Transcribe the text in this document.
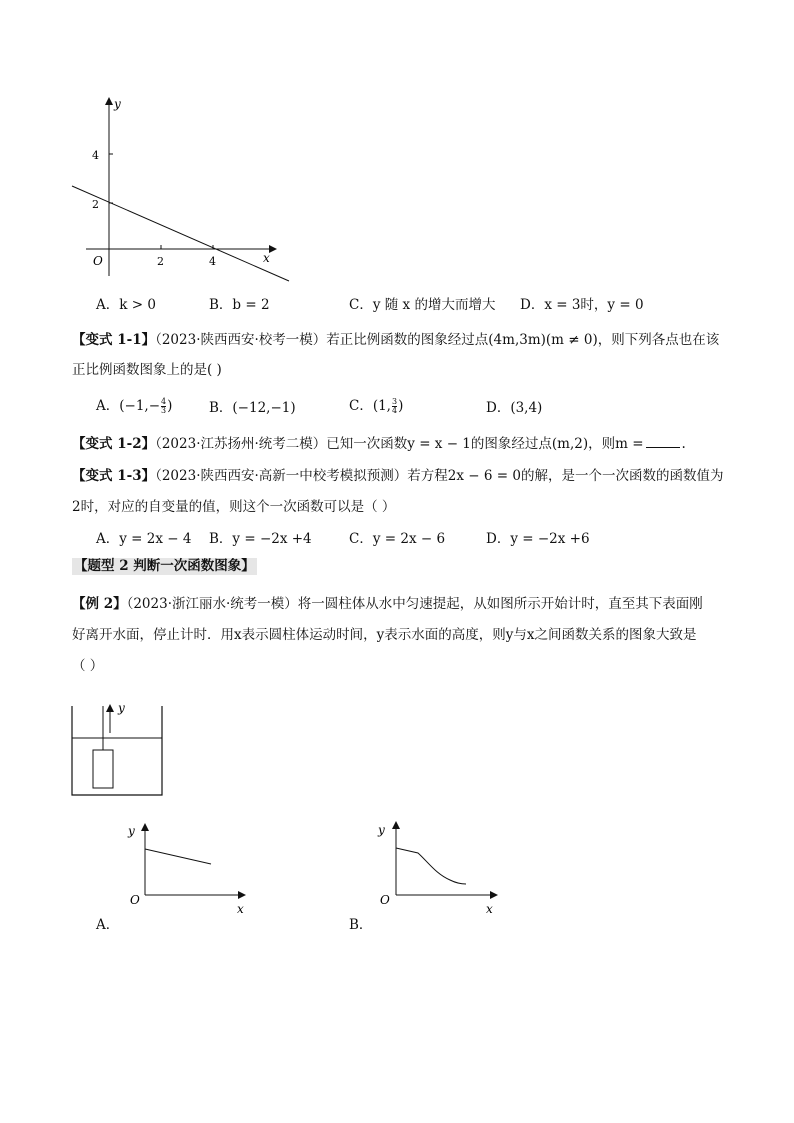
y
x
O
4
2
2	4
A．k > 0	B．b = 2	C．y 随 x 的增大而增大 D．x = 3时，y = 0
【变式 1-1】（2023·陕西西安·校考一模）若正比例函数的图象经过点(4m,3m)(m ≠ 0)，则下列各点也在该
正比例函数图象上的是( )
A．($-1,- \frac{4}{3}$ )	B．(−12,−1)	C．(1, $\frac{3}{4}$ )	D．(3,4)
【变式 1-2】（2023·江苏扬州·统考二模）已知一次函数y = x − 1的图象经过点(m,2)，则m =	.
【变式 1-3】（2023·陕西西安·高新一中校考模拟预测）若方程2x − 6 = 0的解，是一个一次函数的函数值为
2时，对应的自变量的值，则这个一次函数可以是（ ）
A．y = 2x − 4 B．y = −2x +4	C．y = 2x − 6	D．y = −2x +6
【题型 2 判断一次函数图象】
【例 2】（2023·浙江丽水·统考一模）将一圆柱体从水中匀速提起，从如图所示开始计时，直至其下表面刚
好离开水面，停止计时．用x表示圆柱体运动时间，y表示水面的高度，则y与x之间函数关系的图象大致是
（ ）
y
y
x
O
A．
y
x
O
B．
